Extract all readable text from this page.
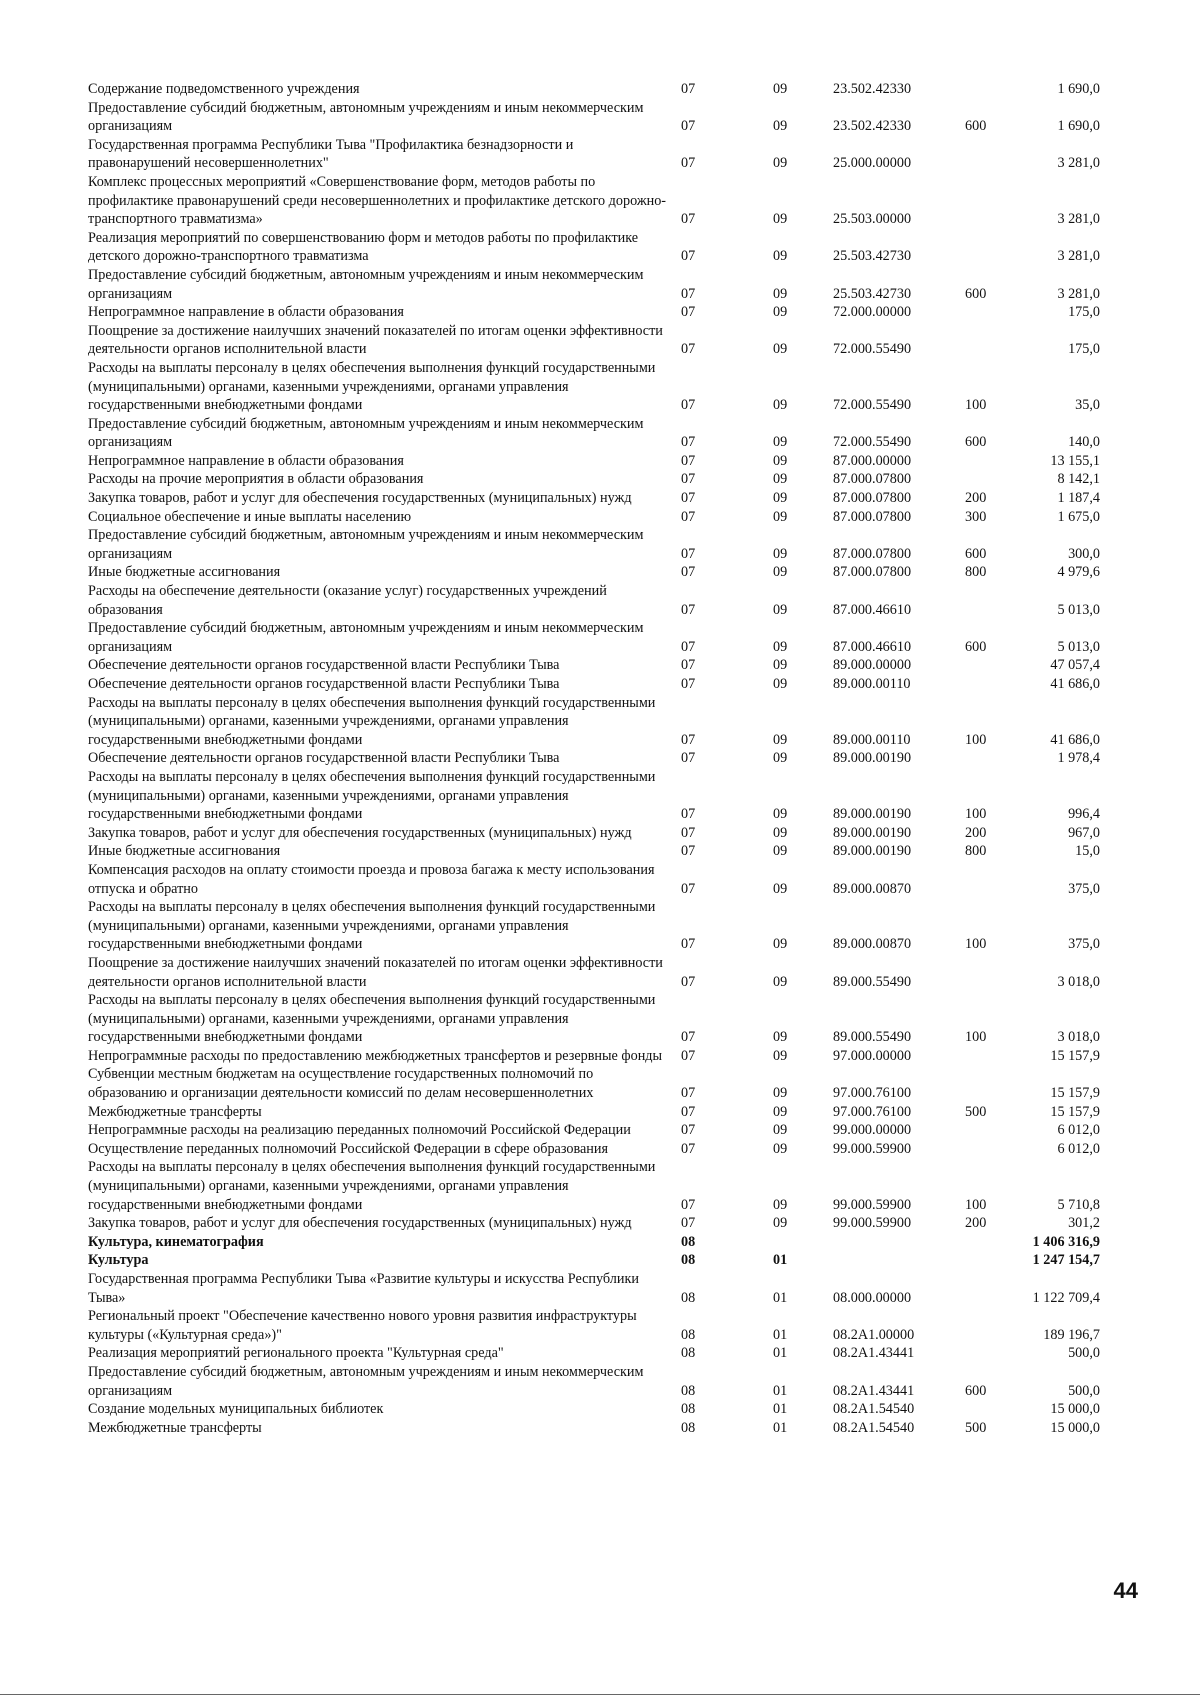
Содержание подведомственного учреждения	07	09	23.502.42330		1 690,0
Предоставление субсидий бюджетным, автономным учреждениям и иным некоммерческим организациям	07	09	23.502.42330	600	1 690,0
Государственная программа Республики Тыва "Профилактика безнадзорности и правонарушений несовершеннолетних"	07	09	25.000.00000		3 281,0
Комплекс процессных мероприятий «Совершенствование форм, методов работы по профилактике правонарушений среди несовершеннолетних и профилактике детского дорожно-транспортного травматизма»	07	09	25.503.00000		3 281,0
Реализация мероприятий по совершенствованию форм и методов работы по профилактике детского дорожно-транспортного травматизма	07	09	25.503.42730		3 281,0
Предоставление субсидий бюджетным, автономным учреждениям и иным некоммерческим организациям	07	09	25.503.42730	600	3 281,0
Непрограммное направление в области образования	07	09	72.000.00000		175,0
Поощрение за достижение наилучших значений показателей по итогам оценки эффективности деятельности органов исполнительной власти	07	09	72.000.55490		175,0
Расходы на выплаты персоналу в целях обеспечения выполнения функций государственными (муниципальными) органами, казенными учреждениями, органами управления государственными внебюджетными фондами	07	09	72.000.55490	100	35,0
Предоставление субсидий бюджетным, автономным учреждениям и иным некоммерческим организациям	07	09	72.000.55490	600	140,0
Непрограммное направление в области образования	07	09	87.000.00000		13 155,1
Расходы на прочие мероприятия в области образования	07	09	87.000.07800		8 142,1
Закупка товаров, работ и услуг для обеспечения государственных (муниципальных) нужд	07	09	87.000.07800	200	1 187,4
Социальное обеспечение и иные выплаты населению	07	09	87.000.07800	300	1 675,0
Предоставление субсидий бюджетным, автономным учреждениям и иным некоммерческим организациям	07	09	87.000.07800	600	300,0
Иные бюджетные ассигнования	07	09	87.000.07800	800	4 979,6
Расходы на обеспечение деятельности (оказание услуг) государственных учреждений образования	07	09	87.000.46610		5 013,0
Предоставление субсидий бюджетным, автономным учреждениям и иным некоммерческим организациям	07	09	87.000.46610	600	5 013,0
Обеспечение деятельности органов государственной власти Республики Тыва	07	09	89.000.00000		47 057,4
Обеспечение деятельности органов государственной власти Республики Тыва	07	09	89.000.00110		41 686,0
Расходы на выплаты персоналу в целях обеспечения выполнения функций государственными (муниципальными) органами, казенными учреждениями, органами управления государственными внебюджетными фондами	07	09	89.000.00110	100	41 686,0
Обеспечение деятельности органов государственной власти Республики Тыва	07	09	89.000.00190		1 978,4
Расходы на выплаты персоналу в целях обеспечения выполнения функций государственными (муниципальными) органами, казенными учреждениями, органами управления государственными внебюджетными фондами	07	09	89.000.00190	100	996,4
Закупка товаров, работ и услуг для обеспечения государственных (муниципальных) нужд	07	09	89.000.00190	200	967,0
Иные бюджетные ассигнования	07	09	89.000.00190	800	15,0
Компенсация расходов на оплату стоимости проезда и провоза багажа к месту использования отпуска и обратно	07	09	89.000.00870		375,0
Расходы на выплаты персоналу в целях обеспечения выполнения функций государственными (муниципальными) органами, казенными учреждениями, органами управления государственными внебюджетными фондами	07	09	89.000.00870	100	375,0
Поощрение за достижение наилучших значений показателей по итогам оценки эффективности деятельности органов исполнительной власти	07	09	89.000.55490		3 018,0
Расходы на выплаты персоналу в целях обеспечения выполнения функций государственными (муниципальными) органами, казенными учреждениями, органами управления государственными внебюджетными фондами	07	09	89.000.55490	100	3 018,0
Непрограммные расходы по предоставлению межбюджетных трансфертов и резервные фонды	07	09	97.000.00000		15 157,9
Субвенции местным бюджетам на осуществление государственных полномочий по образованию и организации деятельности комиссий по делам несовершеннолетних	07	09	97.000.76100		15 157,9
Межбюджетные трансферты	07	09	97.000.76100	500	15 157,9
Непрограммные расходы на реализацию переданных полномочий Российской Федерации	07	09	99.000.00000		6 012,0
Осуществление переданных полномочий Российской Федерации в сфере образования	07	09	99.000.59900		6 012,0
Расходы на выплаты персоналу в целях обеспечения выполнения функций государственными (муниципальными) органами, казенными учреждениями, органами управления государственными внебюджетными фондами	07	09	99.000.59900	100	5 710,8
Закупка товаров, работ и услуг для обеспечения государственных (муниципальных) нужд	07	09	99.000.59900	200	301,2
Культура, кинематография	08				1 406 316,9
Культура	08	01			1 247 154,7
Государственная программа Республики Тыва «Развитие культуры и искусства Республики Тыва»	08	01	08.000.00000		1 122 709,4
Региональный проект "Обеспечение качественно нового уровня развития инфраструктуры культуры («Культурная среда»)"	08	01	08.2A1.00000		189 196,7
Реализация мероприятий регионального проекта "Культурная среда"	08	01	08.2A1.43441		500,0
Предоставление субсидий бюджетным, автономным учреждениям и иным некоммерческим организациям	08	01	08.2A1.43441	600	500,0
Создание модельных муниципальных библиотек	08	01	08.2A1.54540		15 000,0
Межбюджетные трансферты	08	01	08.2A1.54540	500	15 000,0
44
